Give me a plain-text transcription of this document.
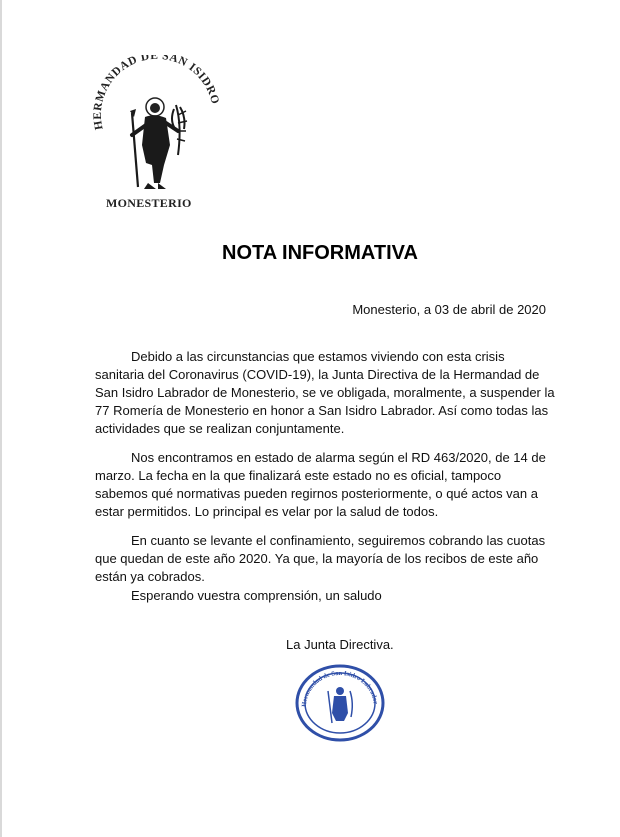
HERMANDAD DE SAN ISIDRO
MONESTERIO
NOTA INFORMATIVA
Monesterio, a 03 de abril de 2020

Debido a las circunstancias que estamos viviendo con esta crisis sanitaria del Coronavirus (COVID-19), la Junta Directiva de la Hermandad de San Isidro Labrador de Monesterio, se ve obligada, moralmente, a suspender la 77 Romería de Monesterio en honor a San Isidro Labrador. Así como todas las actividades que se realizan conjuntamente.

Nos encontramos en estado de alarma según el RD 463/2020, de 14 de marzo. La fecha en la que finalizará este estado no es oficial, tampoco sabemos qué normativas pueden regirnos posteriormente, o qué actos van a estar permitidos. Lo principal es velar por la salud de todos.

En cuanto se levante el confinamiento, seguiremos cobrando las cuotas que quedan de este año 2020. Ya que, la mayoría de los recibos de este año están ya cobrados.

Esperando vuestra comprensión, un saludo
La Junta Directiva.
Hermandad de San Isidro Labrador
